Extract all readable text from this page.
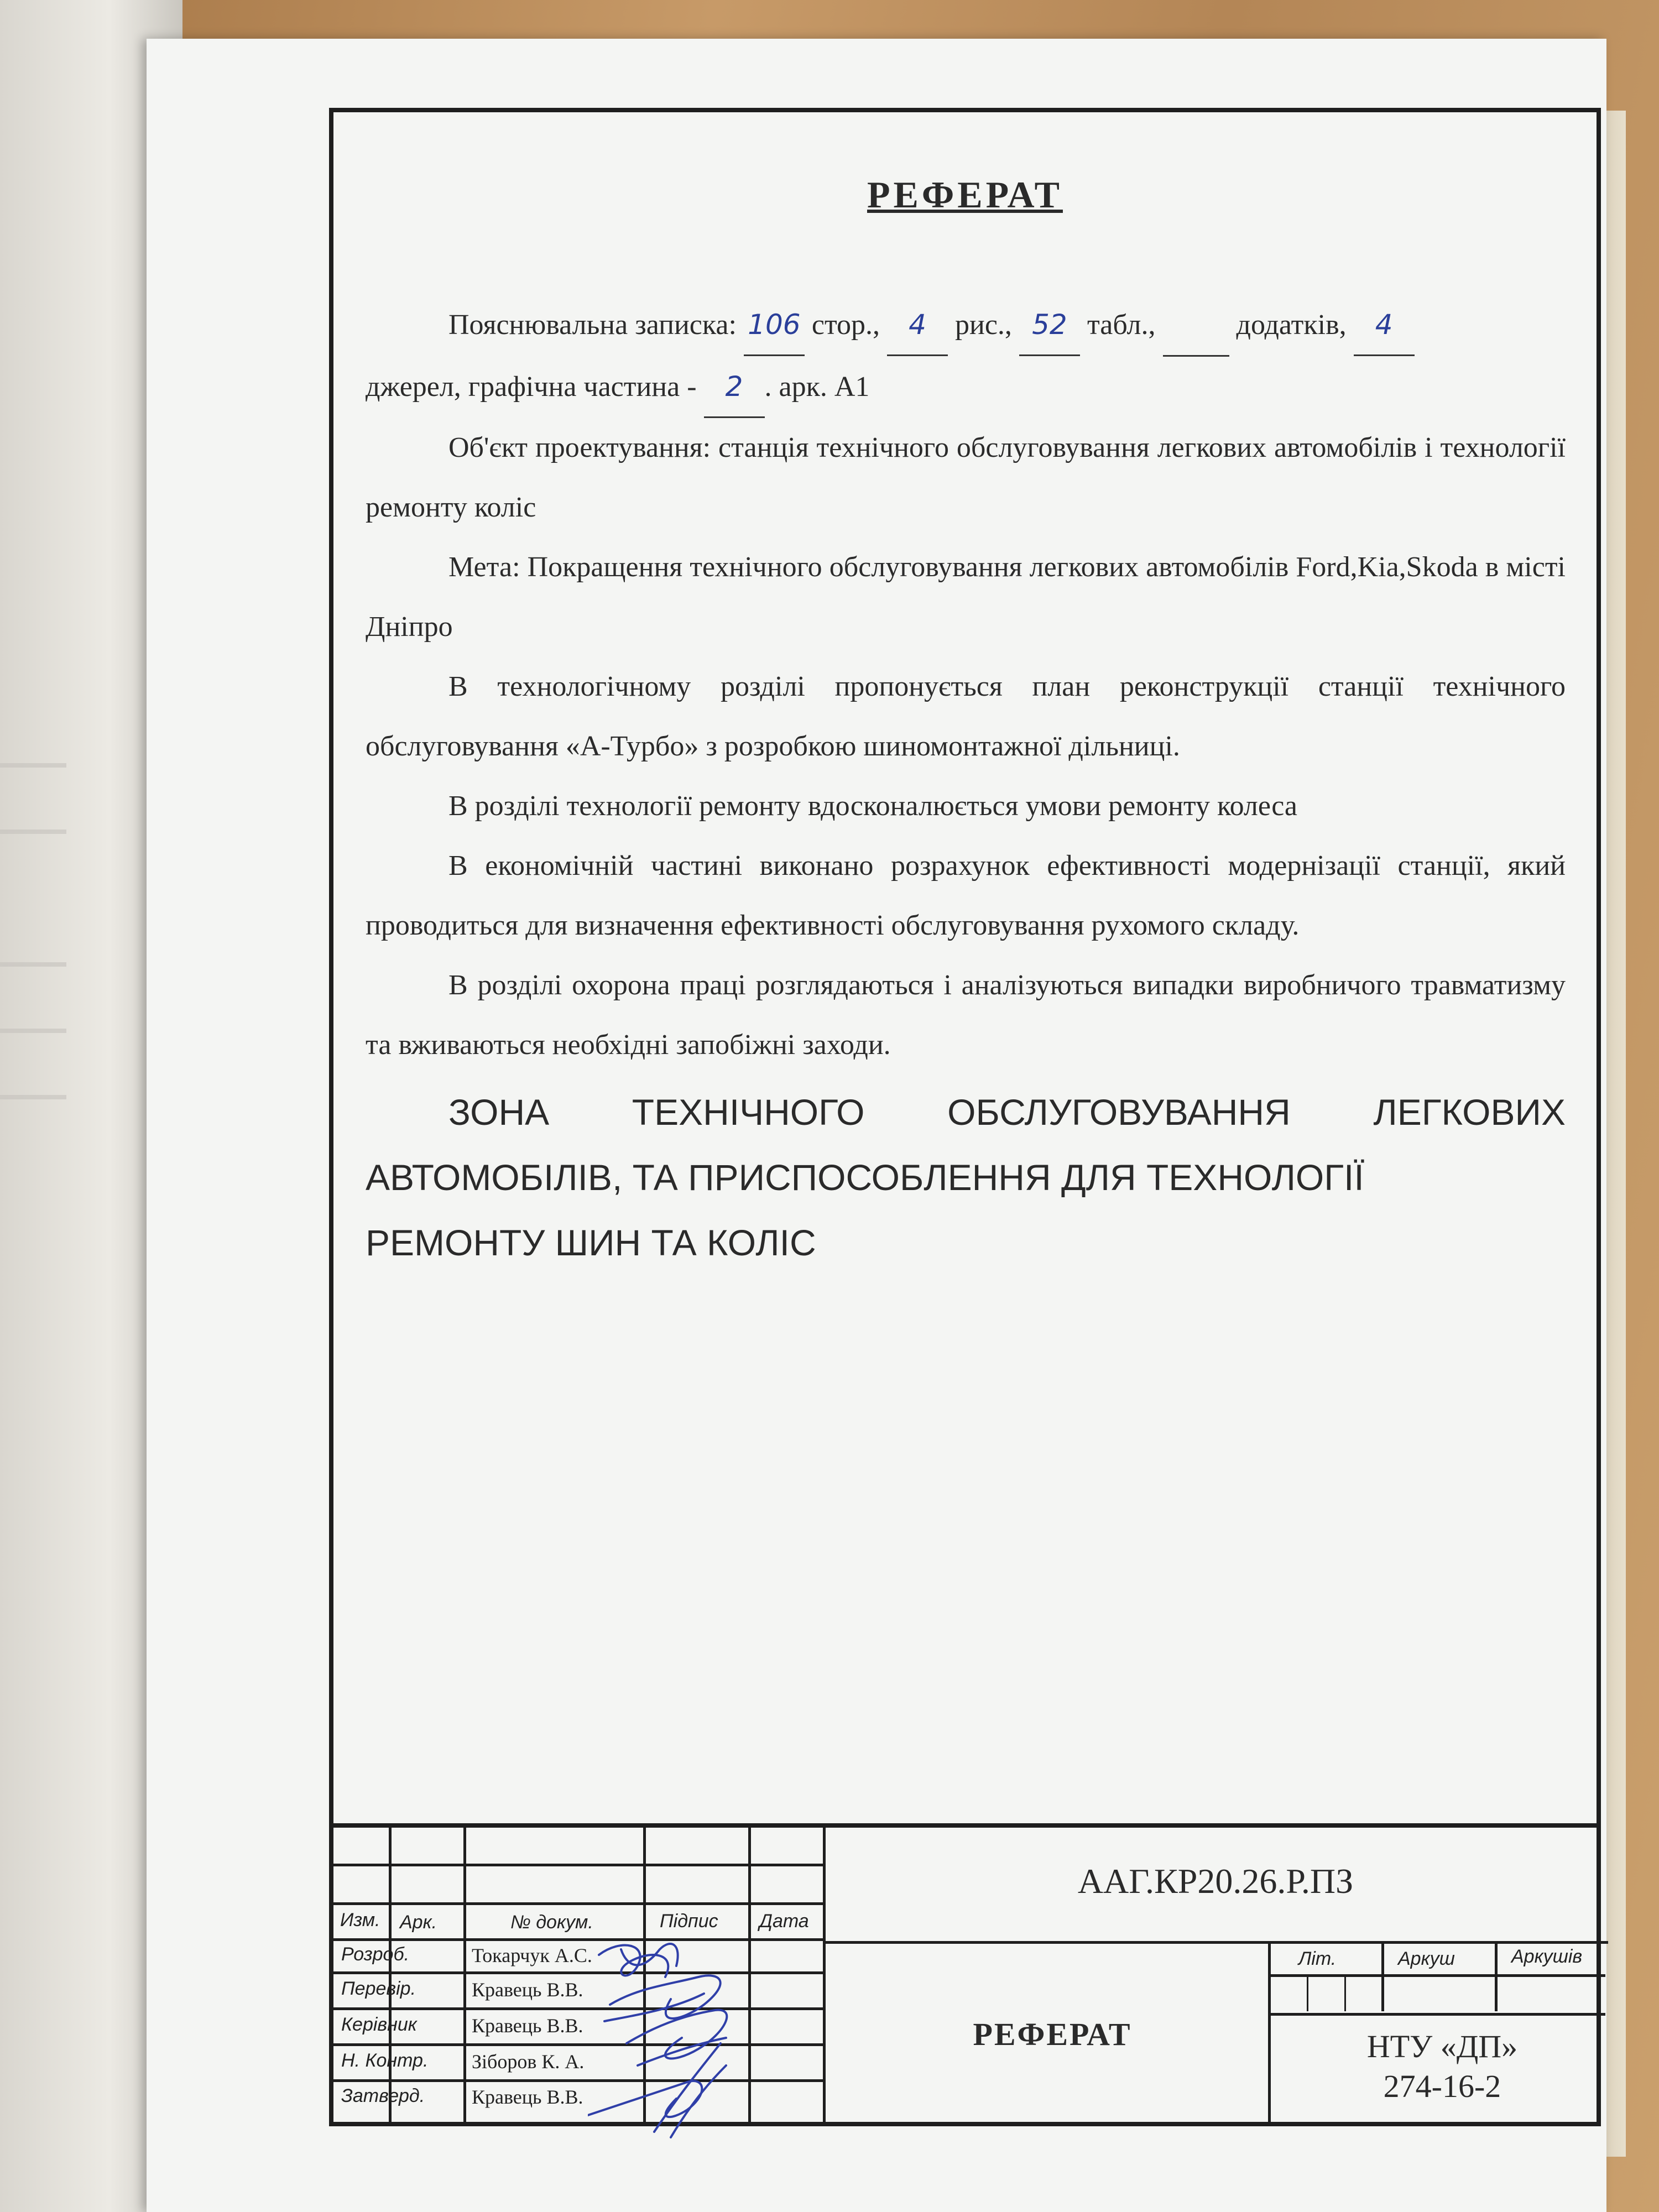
РЕФЕРАТ

Пояснювальна записка: 106 стор., 4 рис., 52 табл.,   додатків, 4

джерел, графічна частина - 2 . арк. А1

Об'єкт проектування: станція технічного обслуговування легкових автомобілів і технології ремонту коліс

Мета: Покращення технічного обслуговування легкових автомобілів Ford,Kia,Skoda в місті Дніпро

В технологічному розділі пропонується план реконструкції станції технічного обслуговування «А-Турбо» з розробкою шиномонтажної дільниці.

В розділі технології ремонту вдосконалюється умови ремонту колеса

В економічній частині виконано розрахунок ефективності модернізації станції, який проводиться для визначення ефективності обслуговування рухомого складу.

В розділі охорона праці розглядаються і аналізуються випадки виробничого травматизму та вживаються необхідні запобіжні заходи.

ЗОНА ТЕХНІЧНОГО ОБСЛУГОВУВАННЯ ЛЕГКОВИХ АВТОМОБІЛІВ, ТА ПРИСПОСОБЛЕННЯ ДЛЯ ТЕХНОЛОГІЇ

РЕМОНТУ ШИН ТА КОЛІС

Изм. Арк.	№ докум.	Підпис Дата
Розроб.	Токарчук А.С.
Перевір.	Кравець В.В.
Керівник	Кравець В.В.
Н. Контр. Зіборов К. А.
Затверд. Кравець В.В.
ААГ.КР20.26.Р.ПЗ
РЕФЕРАТ
Літ.	Аркуш	Аркушів
НТУ «ДП»
274-16-2
